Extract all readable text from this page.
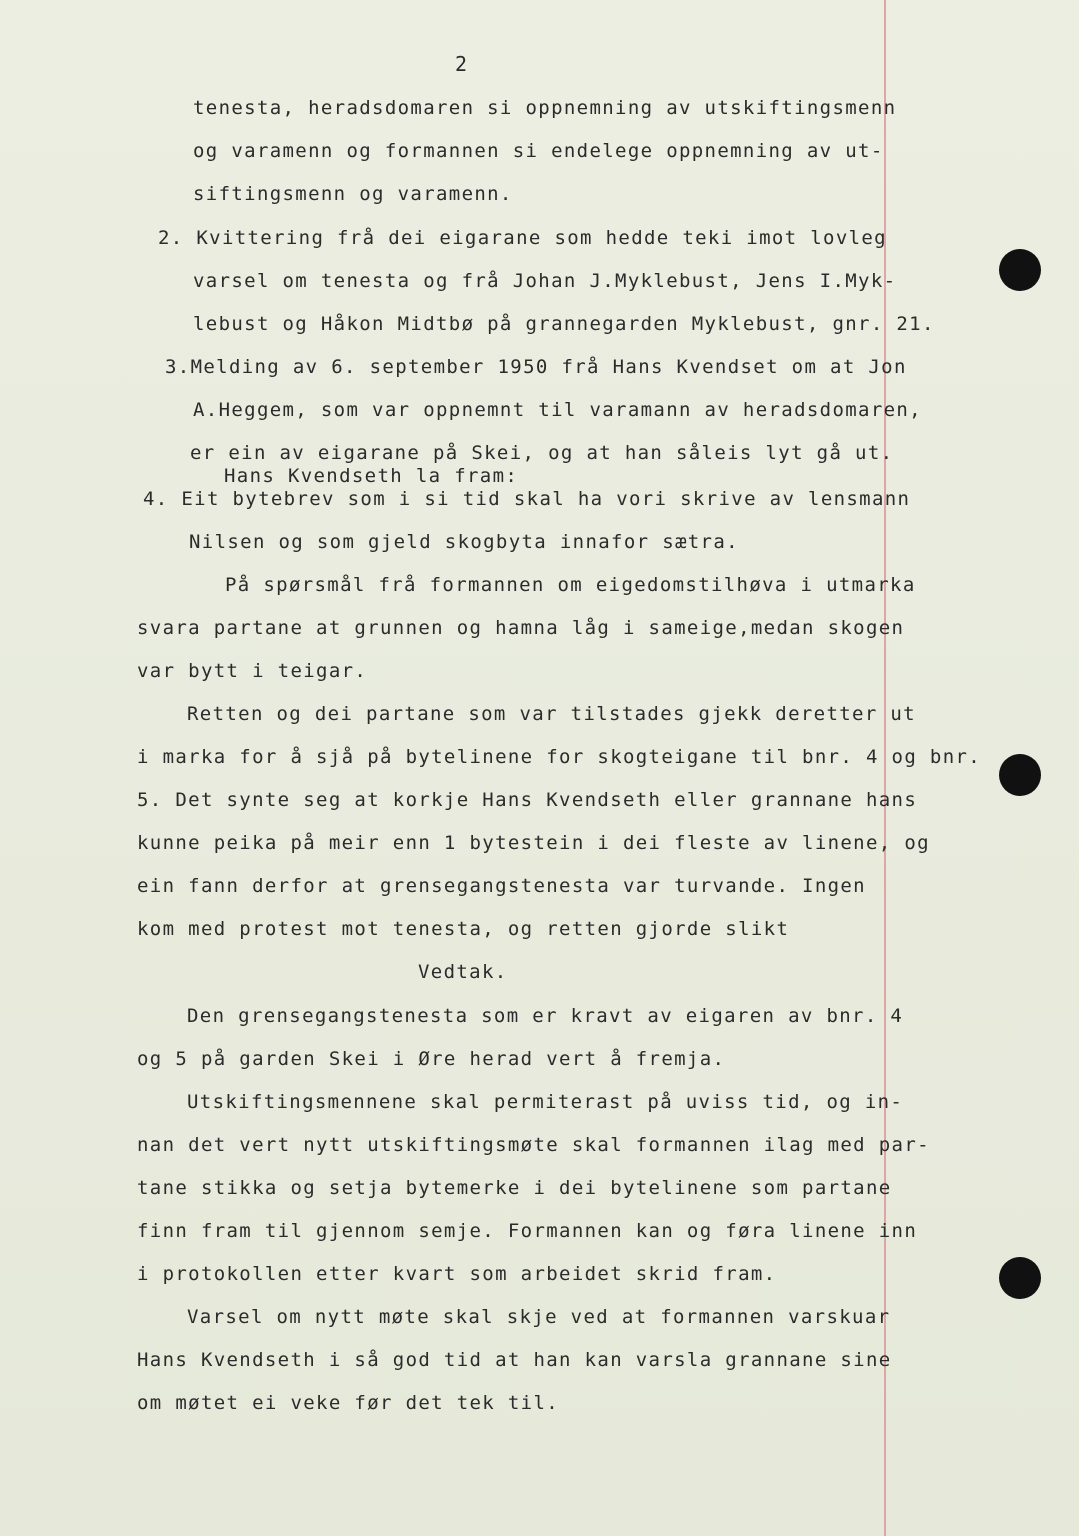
2
tenesta, heradsdomaren si oppnemning av utskiftingsmenn
og varamenn og formannen si endelege oppnemning av ut-
siftingsmenn og varamenn.
2. Kvittering frå dei eigarane som hedde teki imot lovleg
varsel om tenesta og frå Johan J.Myklebust, Jens I.Myk-
lebust og Håkon Midtbø på grannegarden Myklebust, gnr. 21.
3.Melding av 6. september 1950 frå Hans Kvendset om at Jon
A.Heggem, som var oppnemnt til varamann av heradsdomaren,
er ein av eigarane på Skei, og at han såleis lyt gå ut.
Hans Kvendseth la fram:
4. Eit bytebrev som i si tid skal ha vori skrive av lensmann
Nilsen og som gjeld skogbyta innafor sætra.
På spørsmål frå formannen om eigedomstilhøva i utmarka
svara partane at grunnen og hamna låg i sameige,medan skogen
var bytt i teigar.
Retten og dei partane som var tilstades gjekk deretter ut
i marka for å sjå på bytelinene for skogteigane til bnr. 4 og bnr.
5. Det synte seg at korkje Hans Kvendseth eller grannane hans
kunne peika på meir enn 1 bytestein i dei fleste av linene, og
ein fann derfor at grensegangstenesta var turvande. Ingen
kom med protest mot tenesta, og retten gjorde slikt
Vedtak.
Den grensegangstenesta som er kravt av eigaren av bnr. 4
og 5 på garden Skei i Øre herad vert å fremja.
Utskiftingsmennene skal permiterast på uviss tid, og in-
nan det vert nytt utskiftingsmøte skal formannen ilag med par-
tane stikka og setja bytemerke i dei bytelinene som partane
finn fram til gjennom semje. Formannen kan og føra linene inn
i protokollen etter kvart som arbeidet skrid fram.
Varsel om nytt møte skal skje ved at formannen varskuar
Hans Kvendseth i så god tid at han kan varsla grannane sine
om møtet ei veke før det tek til.
